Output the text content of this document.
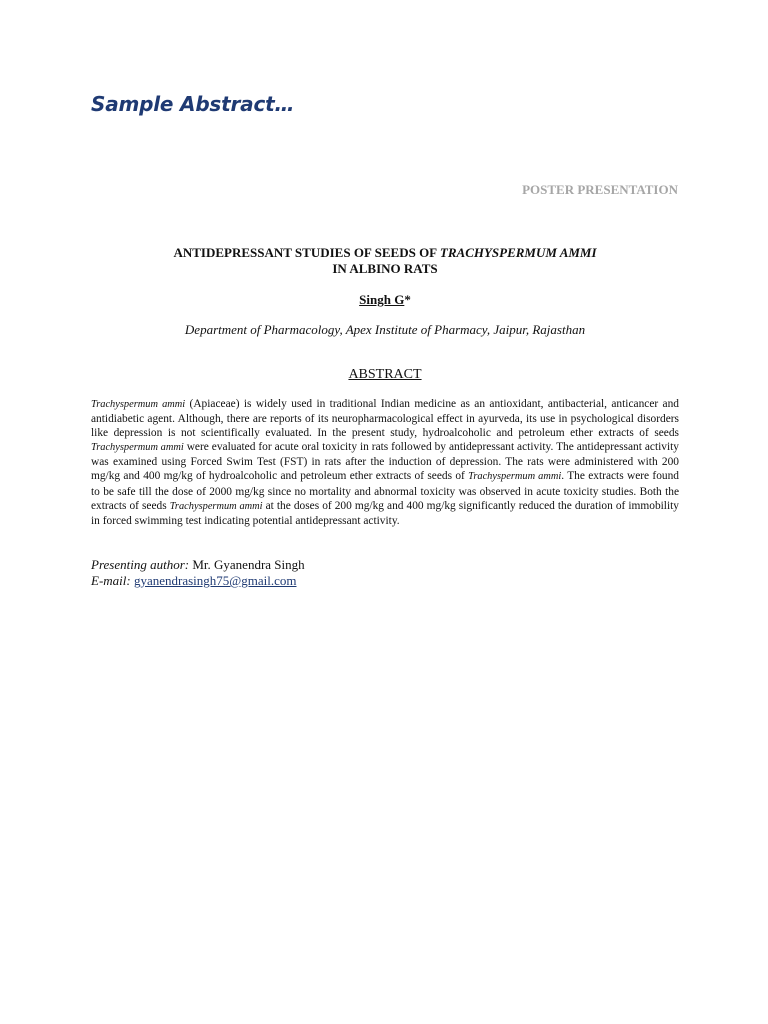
Sample Abstract…
POSTER PRESENTATION
ANTIDEPRESSANT STUDIES OF SEEDS OF TRACHYSPERMUM AMMI
IN ALBINO RATS
Singh G*
Department of Pharmacology, Apex Institute of Pharmacy, Jaipur, Rajasthan
ABSTRACT
Trachyspermum ammi (Apiaceae) is widely used in traditional Indian medicine as an antioxidant, antibacterial, anticancer and antidiabetic agent. Although, there are reports of its neuropharmacological effect in ayurveda, its use in psychological disorders like depression is not scientifically evaluated. In the present study, hydroalcoholic and petroleum ether extracts of seeds Trachyspermum ammi were evaluated for acute oral toxicity in rats followed by antidepressant activity. The antidepressant activity was examined using Forced Swim Test (FST) in rats after the induction of depression. The rats were administered with 200 mg/kg and 400 mg/kg of hydroalcoholic and petroleum ether extracts of seeds of Trachyspermum ammi. The extracts were found to be safe till the dose of 2000 mg/kg since no mortality and abnormal toxicity was observed in acute toxicity studies. Both the extracts of seeds Trachyspermum ammi at the doses of 200 mg/kg and 400 mg/kg significantly reduced the duration of immobility in forced swimming test indicating potential antidepressant activity.
Presenting author: Mr. Gyanendra Singh
E-mail: gyanendrasingh75@gmail.com
